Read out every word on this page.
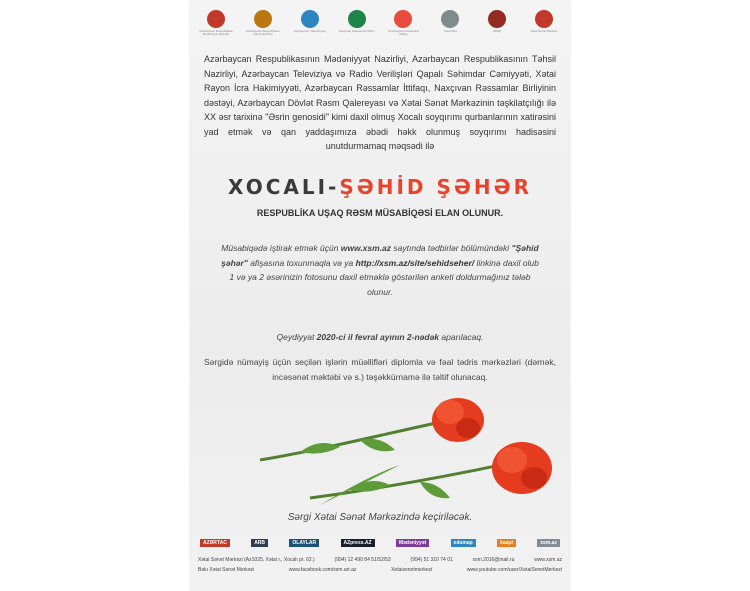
Azərbaycan Respublikası Mədəniyyət Nazirliyi
Azərbaycan Respublikası Təhsil Nazirliyi
Azərbaycan Televiziyası	Naxçıvan Rəssamlar Birliyi	Azərbaycan Rəssamlar İttifaqı
Xətai RİH	ADRQ	Xətai Sənət Mərkəzi
Azərbaycan Respublikasının Mədəniyyət Nazirliyi, Azərbaycan Respublikasının Təhsil Nazirliyi, Azərbaycan Televiziya və Radio Verilişləri Qapalı Səhimdar Cəmiyyəti, Xətai Rayon İcra Hakimiyyəti, Azərbaycan Rəssamlar İttifaqı, Naxçıvan Rəssamlar Birliyinin dəstəyi, Azərbaycan Dövlət Rəsm Qalereyası və Xətai Sənət Mərkəzinin təşkilatçılığı ilə XX əsr tarixinə "Əsrin genosidi" kimi daxil olmuş Xocalı soyqırımı qurbanlarının xatirəsini yad etmək və qan yaddaşımıza əbədi həkk olunmuş soyqırımı hadisəsini unutdurmamaq məqsədi ilə
XOCALI-ŞƏHİD ŞƏHƏR
RESPUBLİKA UŞAQ RƏSM MÜSABİQƏSİ ELAN OLUNUR.
Müsabiqədə iştirak etmək üçün www.xsm.az saytında tədbirlər bölümündəki "Şəhid şəhər" afişasına toxunmaqla və ya http://xsm.az/site/sehidseher/ linkinə daxil olub 1 və ya 2 əsərinizin fotosunu daxil etməklə göstərilən anketi doldurmağınız tələb olunur.
Qeydiyyat 2020-ci il fevral ayının 2-nədək aparılacaq.
Sərgidə nümayiş üçün seçilən işlərin müəllifləri diplomla və fəal tədris mərkəzləri (dərnək, incəsənət məktəbi və s.) təşəkkürnamə ilə təltif olunacaq.
Sərgi Xətai Sənət Mərkəzində keçiriləcək.
AZƏRTAC	ARB	OLAYLAR	AZpress.AZ	Mədəniyyət	edumap	kaspi	xsm.az
Xətai Sənət Mərkəzi (Az1025, Xətai r., Xocalı pr. 62.)	(994) 12 490 84 51/52/53	(994) 51 310 74 01	xsm.2016@mail.ru	www.xsm.az
Bakı Xətai Sənət Mərkəzi	www.facebook.com/xsm.art.az	Xetaisenetmerkezi	www.youtube.com/user/XetaiSenetMerkezi
